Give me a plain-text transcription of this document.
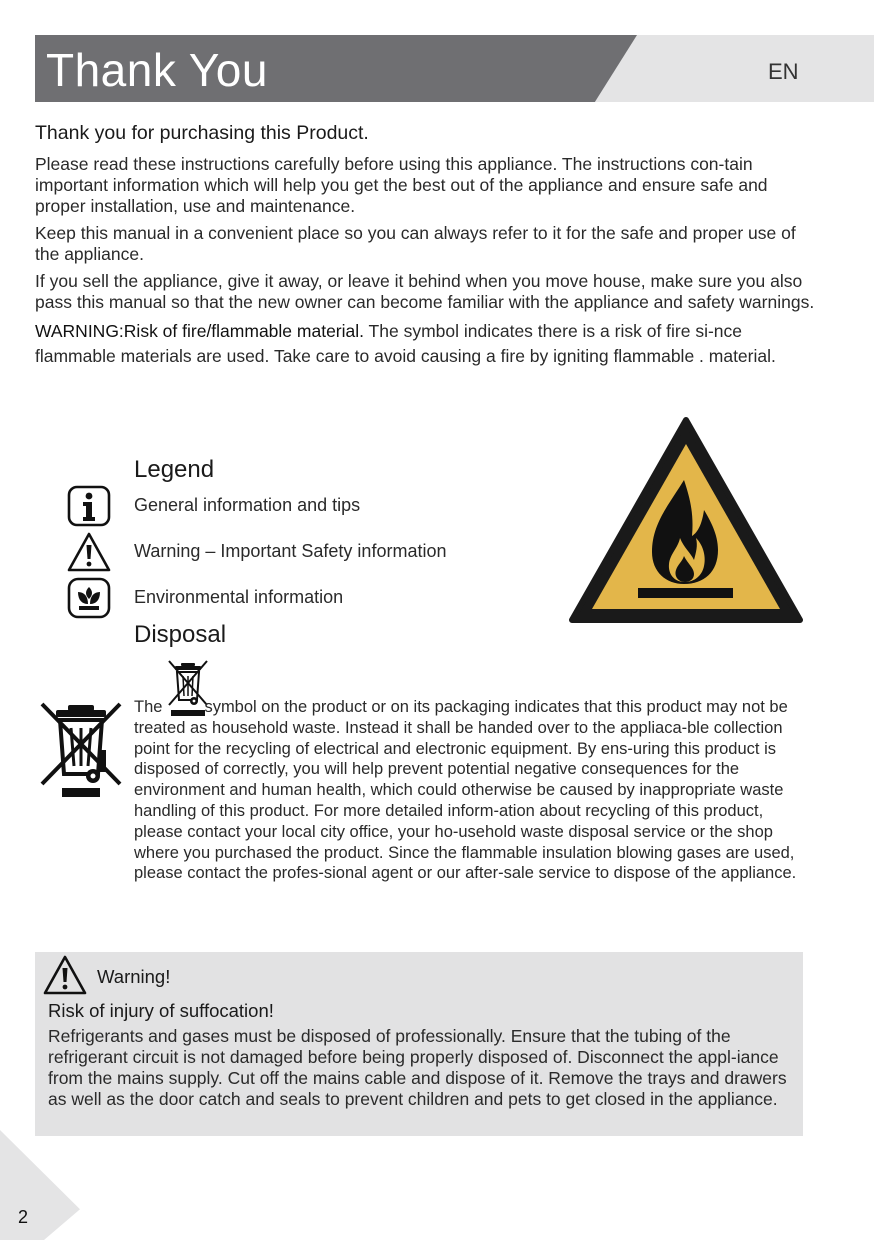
Thank You	EN
Thank you for purchasing this Product.

Please read these instructions carefully before using this appliance. The instructions con-tain important information which will help you get the best out of the appliance and ensure safe and proper installation, use and maintenance.

Keep this manual in a convenient place so you can always refer to it for the safe and proper use of the appliance.

If you sell the appliance, give it away, or leave it behind when you move house, make sure you also pass this manual so that the new owner can become familiar with the appliance and safety warnings.

WARNING:Risk of fire/flammable material. The symbol indicates there is a risk of fire si-nce flammable materials are used. Take care to avoid causing a fire by igniting flammable . material.

Legend
General information and tips
Warning – Important Safety information
Environmental information
Disposal

The	symbol on the product or on its packaging indicates that this product may not be treated as household waste. Instead it shall be handed over to the appliaca-ble collection point for the recycling of electrical and electronic equipment. By ens-uring this product is disposed of correctly, you will help prevent potential negative consequences for the environment and human health, which could otherwise be caused by inappropriate waste handling of this product. For more detailed inform-ation about recycling of this product, please contact your local city office, your ho-usehold waste disposal service or the shop where you purchased the product. Since the flammable insulation blowing gases are used, please contact the profes-sional agent or our after-sale service to dispose of the appliance.

Warning!
Risk of injury of suffocation!

Refrigerants and gases must be disposed of professionally. Ensure that the tubing of the refrigerant circuit is not damaged before being properly disposed of. Disconnect the appl-iance from the mains supply. Cut off the mains cable and dispose of it. Remove the trays and drawers as well as the door catch and seals to prevent children and pets to get closed in the appliance.

2
